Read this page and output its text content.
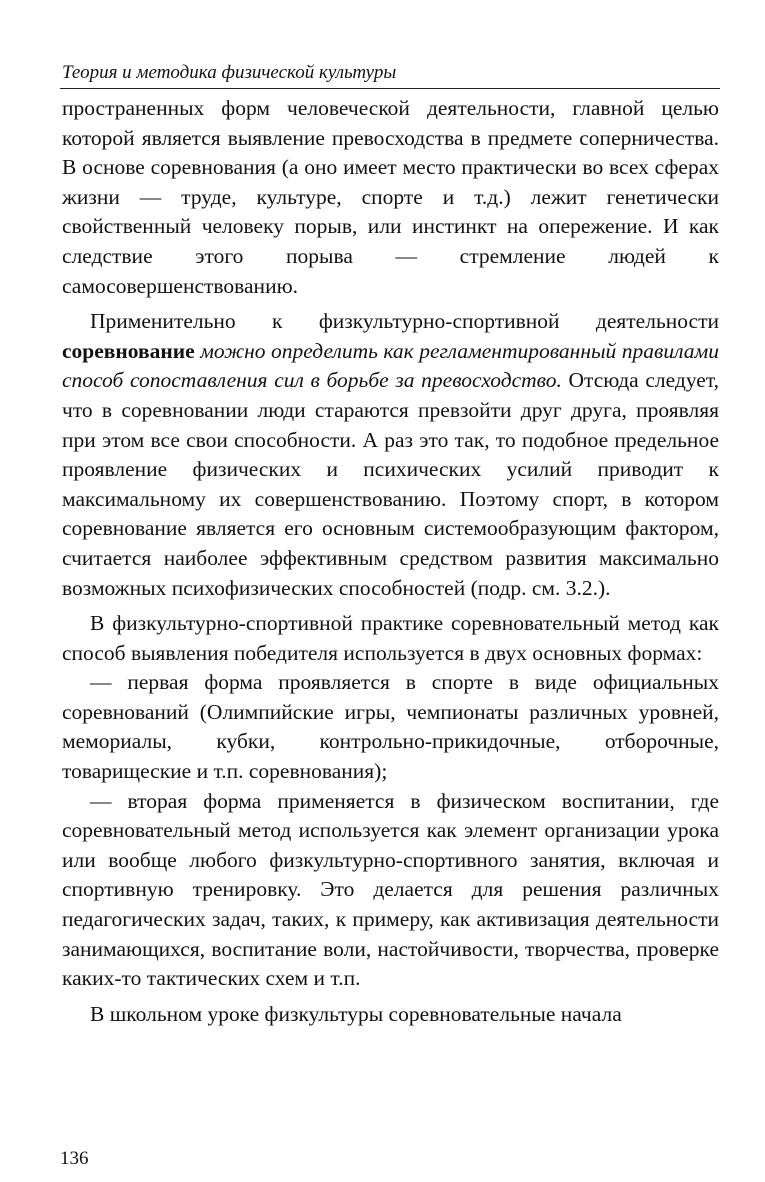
Теория и методика физической культуры

пространенных форм человеческой деятельности, главной целью которой является выявление превосходства в предмете соперничества. В основе соревнования (а оно имеет место практически во всех сферах жизни — труде, культуре, спорте и т.д.) лежит генетически свойственный человеку порыв, или инстинкт на опережение. И как следствие этого порыва — стремление людей к самосовершенствованию.

Применительно к физкультурно-спортивной деятельности соревнование можно определить как регламентированный правилами способ сопоставления сил в борьбе за превосходство. Отсюда следует, что в соревновании люди стараются превзойти друг друга, проявляя при этом все свои способности. А раз это так, то подобное предельное проявление физических и психических усилий приводит к максимальному их совершенствованию. Поэтому спорт, в котором соревнование является его основным системообразующим фактором, считается наиболее эффективным средством развития максимально возможных психофизических способностей (подр. см. 3.2.).

В физкультурно-спортивной практике соревновательный метод как способ выявления победителя используется в двух основных формах:

— первая форма проявляется в спорте в виде официальных соревнований (Олимпийские игры, чемпионаты различных уровней, мемориалы, кубки, контрольно-прикидочные, отборочные, товарищеские и т.п. соревнования);

— вторая форма применяется в физическом воспитании, где соревновательный метод используется как элемент организации урока или вообще любого физкультурно-спортивного занятия, включая и спортивную тренировку. Это делается для решения различных педагогических задач, таких, к примеру, как активизация деятельности занимающихся, воспитание воли, настойчивости, творчества, проверке каких-то тактических схем и т.п.

В школьном уроке физкультуры соревновательные начала

136
